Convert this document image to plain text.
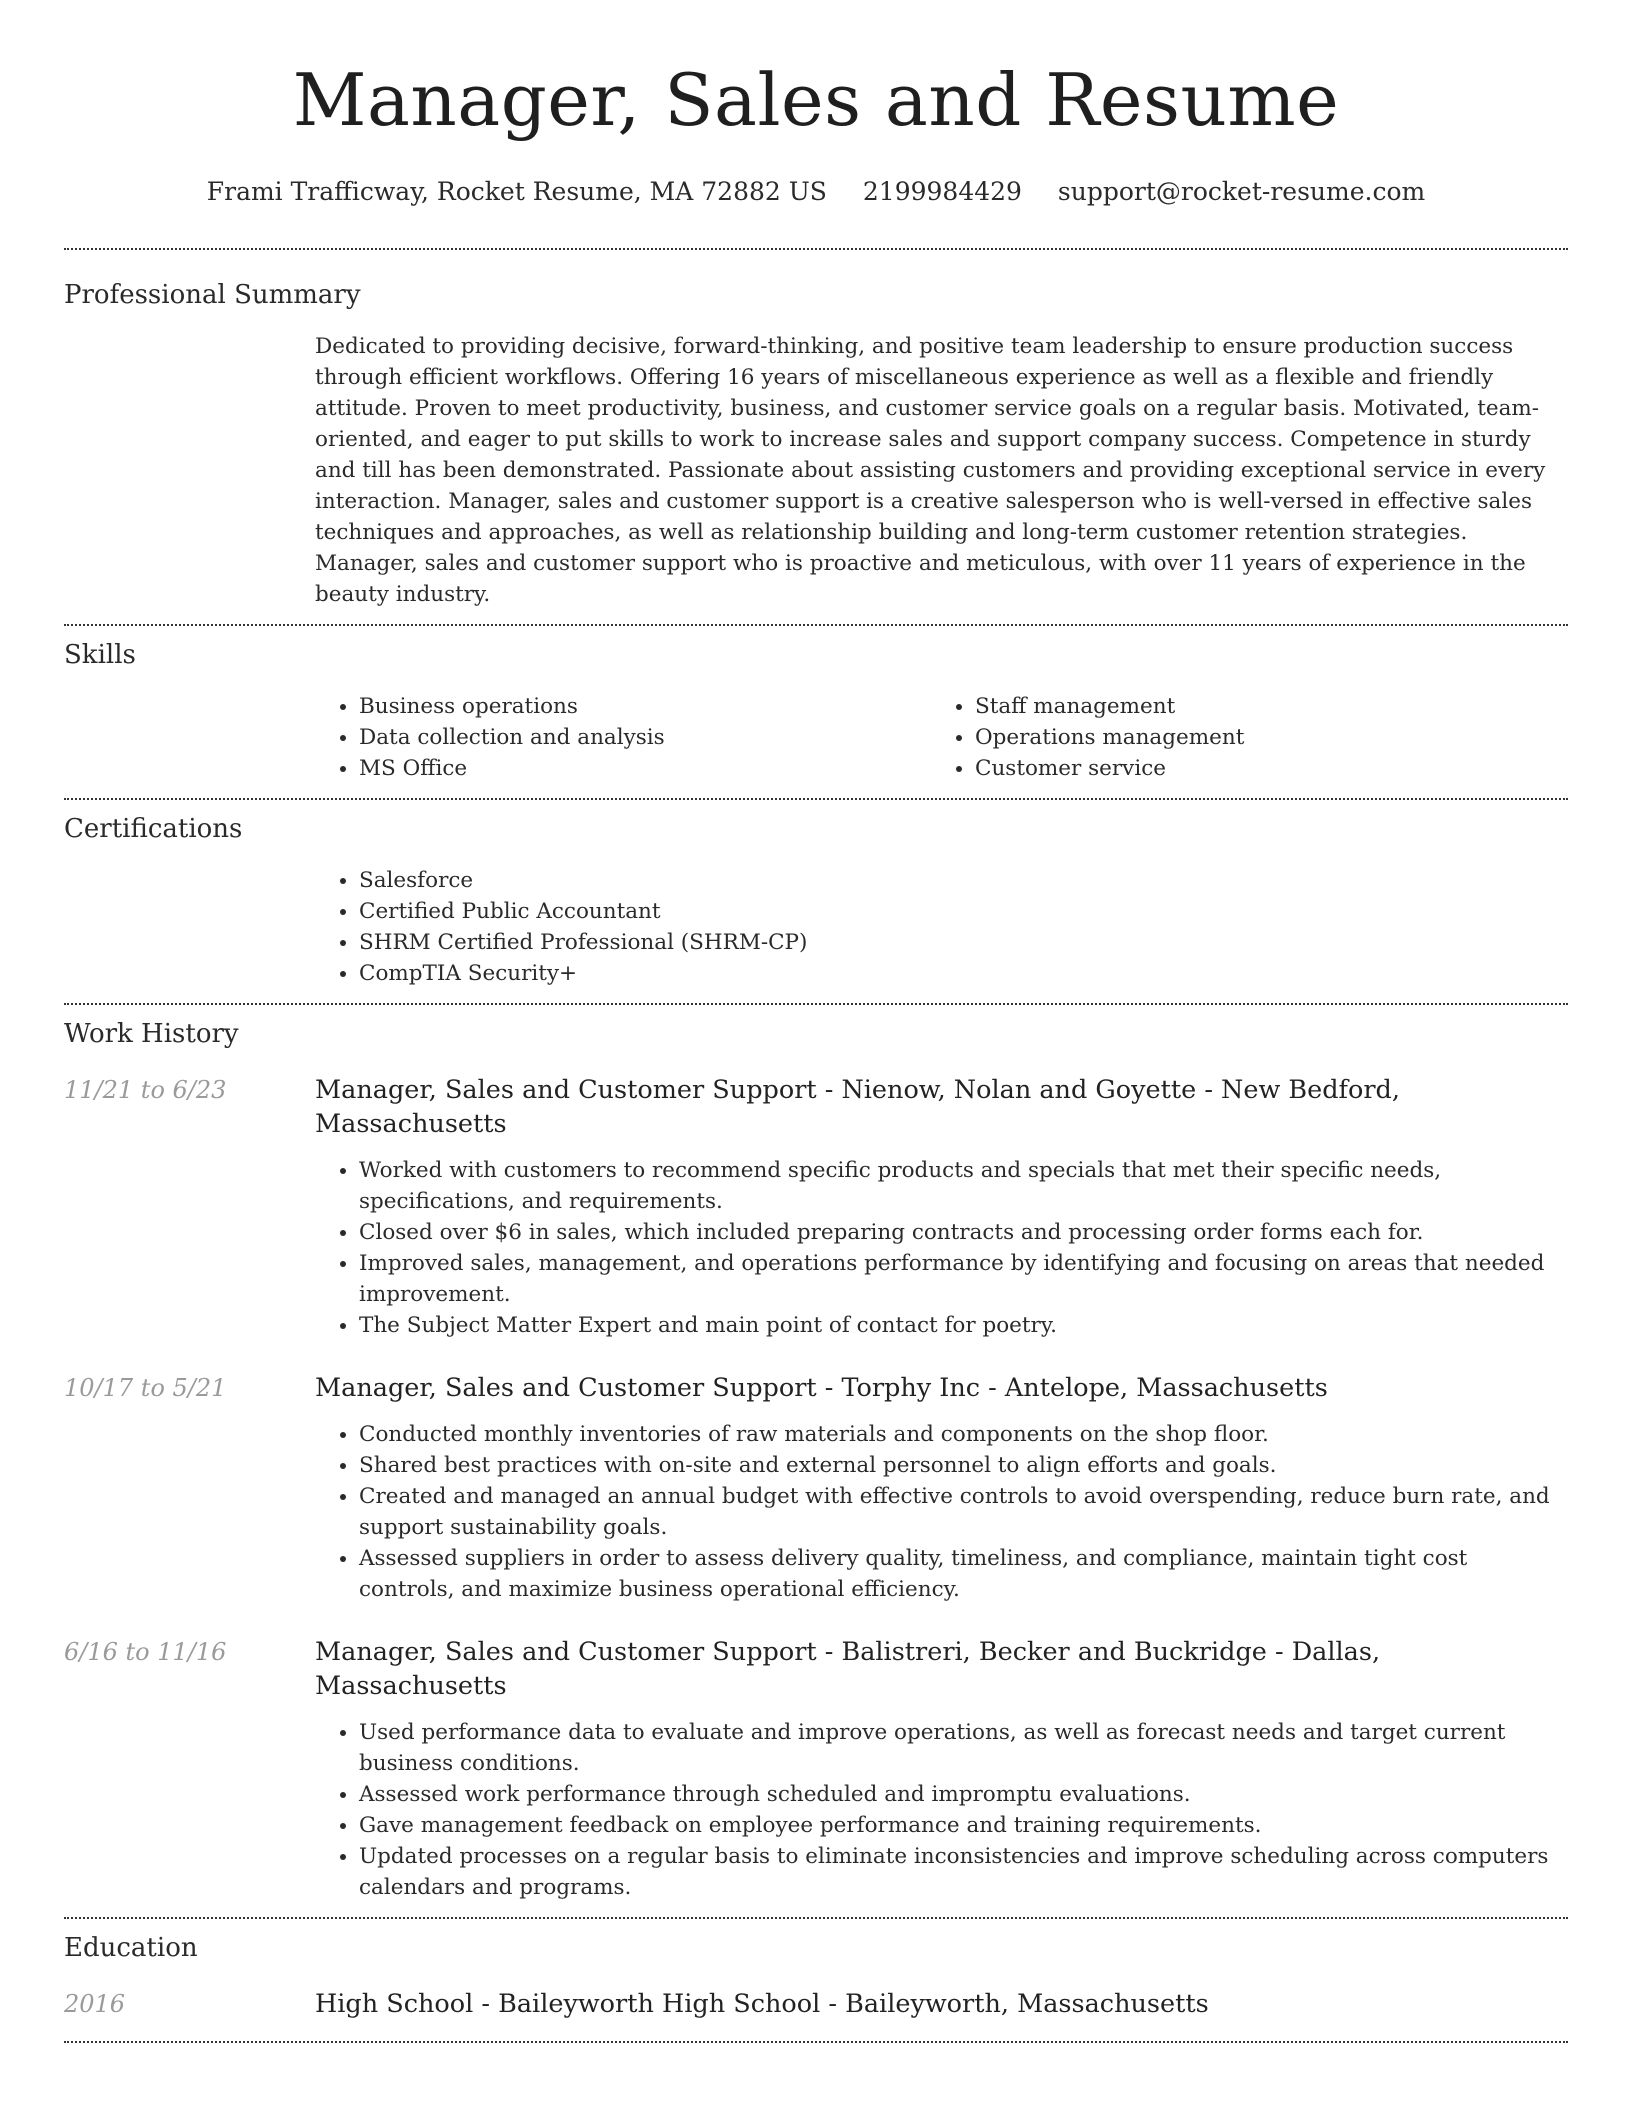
Manager, Sales and Resume
Frami Trafficway, Rocket Resume, MA 72882 US 2199984429 support@rocket-resume.com
Professional Summary

Dedicated to providing decisive, forward-thinking, and positive team leadership to ensure production success through efficient workflows. Offering 16 years of miscellaneous experience as well as a flexible and friendly attitude. Proven to meet productivity, business, and customer service goals on a regular basis. Motivated, team-oriented, and eager to put skills to work to increase sales and support company success. Competence in sturdy and till has been demonstrated. Passionate about assisting customers and providing exceptional service in every interaction. Manager, sales and customer support is a creative salesperson who is well-versed in effective sales techniques and approaches, as well as relationship building and long-term customer retention strategies. Manager, sales and customer support who is proactive and meticulous, with over 11 years of experience in the beauty industry.

Skills
• Business operations
• Data collection and analysis
• MS Office
• Staff management
• Operations management
• Customer service
Certifications
• Salesforce
• Certified Public Accountant
• SHRM Certified Professional (SHRM-CP)
• CompTIA Security+
Work History
11/21 to 6/23	Manager, Sales and Customer Support - Nienow, Nolan and Goyette - New Bedford, Massachusetts
• Worked with customers to recommend specific products and specials that met their specific needs, specifications, and requirements.
• Closed over $6 in sales, which included preparing contracts and processing order forms each for.
• Improved sales, management, and operations performance by identifying and focusing on areas that needed improvement.
• The Subject Matter Expert and main point of contact for poetry.
10/17 to 5/21	Manager, Sales and Customer Support - Torphy Inc - Antelope, Massachusetts
• Conducted monthly inventories of raw materials and components on the shop floor.
• Shared best practices with on-site and external personnel to align efforts and goals.
• Created and managed an annual budget with effective controls to avoid overspending, reduce burn rate, and support sustainability goals.
• Assessed suppliers in order to assess delivery quality, timeliness, and compliance, maintain tight cost controls, and maximize business operational efficiency.
6/16 to 11/16	Manager, Sales and Customer Support - Balistreri, Becker and Buckridge - Dallas, Massachusetts
• Used performance data to evaluate and improve operations, as well as forecast needs and target current business conditions.
• Assessed work performance through scheduled and impromptu evaluations.
• Gave management feedback on employee performance and training requirements.
• Updated processes on a regular basis to eliminate inconsistencies and improve scheduling across computers calendars and programs.
Education
2016	High School - Baileyworth High School - Baileyworth, Massachusetts
